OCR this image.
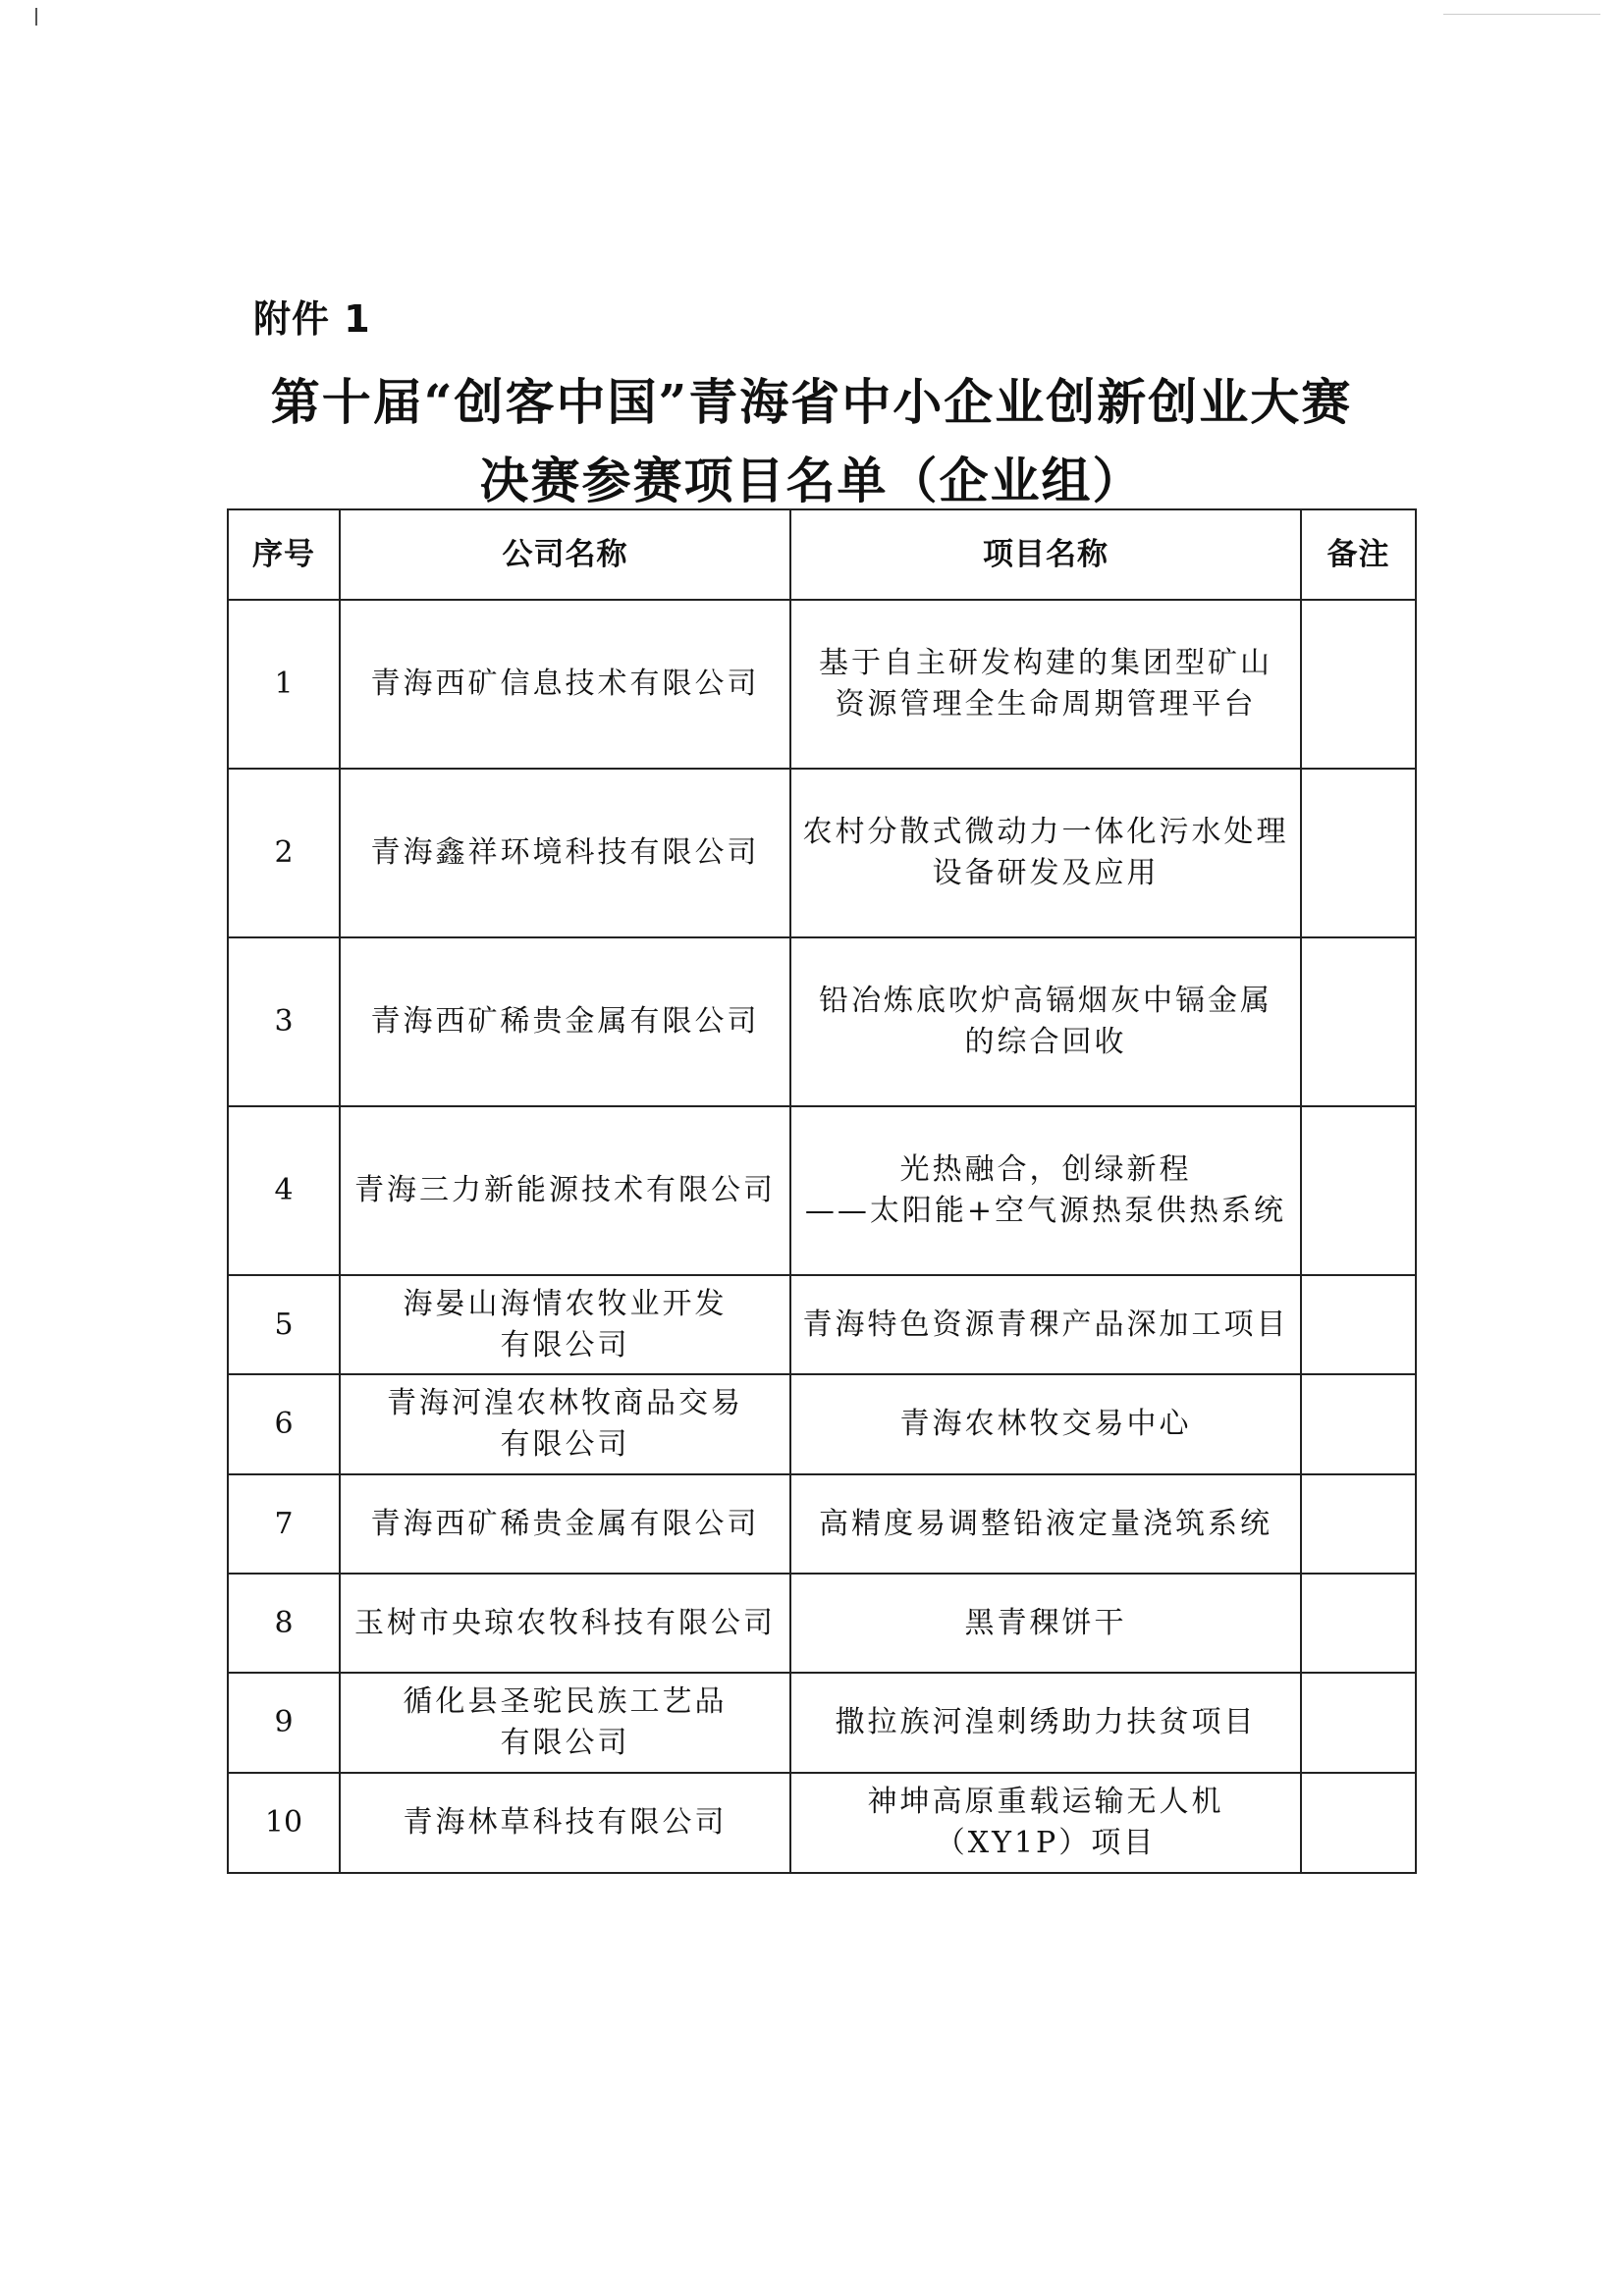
附件 1
第十届“创客中国”青海省中小企业创新创业大赛
决赛参赛项目名单（企业组）
序号	公司名称	项目名称	备注
1	青海西矿信息技术有限公司	基于自主研发构建的集团型矿山
资源管理全生命周期管理平台	

2	青海鑫祥环境科技有限公司	农村分散式微动力一体化污水处理
设备研发及应用	

3	青海西矿稀贵金属有限公司	铅冶炼底吹炉高镉烟灰中镉金属
的综合回收	

4	青海三力新能源技术有限公司	光热融合，创绿新程
——太阳能+空气源热泵供热系统	

5	海晏山海情农牧业开发
有限公司	青海特色资源青稞产品深加工项目	

6	青海河湟农林牧商品交易
有限公司	青海农林牧交易中心	

7	青海西矿稀贵金属有限公司	高精度易调整铅液定量浇筑系统	

8	玉树市央琼农牧科技有限公司	黑青稞饼干	

9	循化县圣驼民族工艺品
有限公司	撒拉族河湟刺绣助力扶贫项目	

10	青海林草科技有限公司	神坤高原重载运输无人机
（XY1P）项目	
